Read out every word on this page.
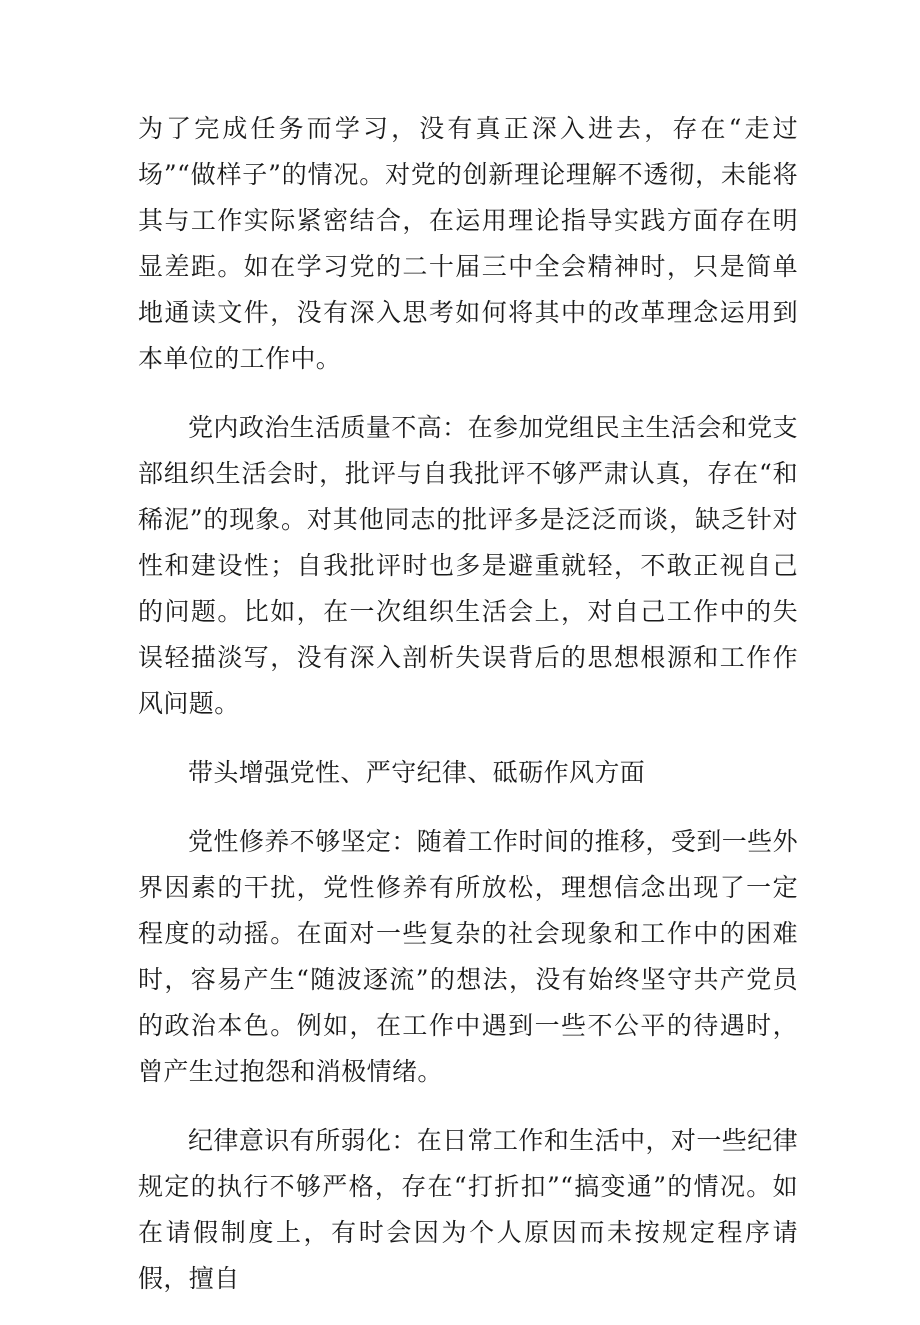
为了完成任务而学习，没有真正深入进去，存在“走过场”“做样子”的情况。对党的创新理论理解不透彻，未能将其与工作实际紧密结合，在运用理论指导实践方面存在明显差距。如在学习党的二十届三中全会精神时，只是简单地通读文件，没有深入思考如何将其中的改革理念运用到本单位的工作中。

党内政治生活质量不高：在参加党组民主生活会和党支部组织生活会时，批评与自我批评不够严肃认真，存在“和稀泥”的现象。对其他同志的批评多是泛泛而谈，缺乏针对性和建设性；自我批评时也多是避重就轻，不敢正视自己的问题。比如，在一次组织生活会上，对自己工作中的失误轻描淡写，没有深入剖析失误背后的思想根源和工作作风问题。

带头增强党性、严守纪律、砥砺作风方面

党性修养不够坚定：随着工作时间的推移，受到一些外界因素的干扰，党性修养有所放松，理想信念出现了一定程度的动摇。在面对一些复杂的社会现象和工作中的困难时，容易产生“随波逐流”的想法，没有始终坚守共产党员的政治本色。例如，在工作中遇到一些不公平的待遇时，曾产生过抱怨和消极情绪。

纪律意识有所弱化：在日常工作和生活中，对一些纪律规定的执行不够严格，存在“打折扣”“搞变通”的情况。如在请假制度上，有时会因为个人原因而未按规定程序请假，擅自
